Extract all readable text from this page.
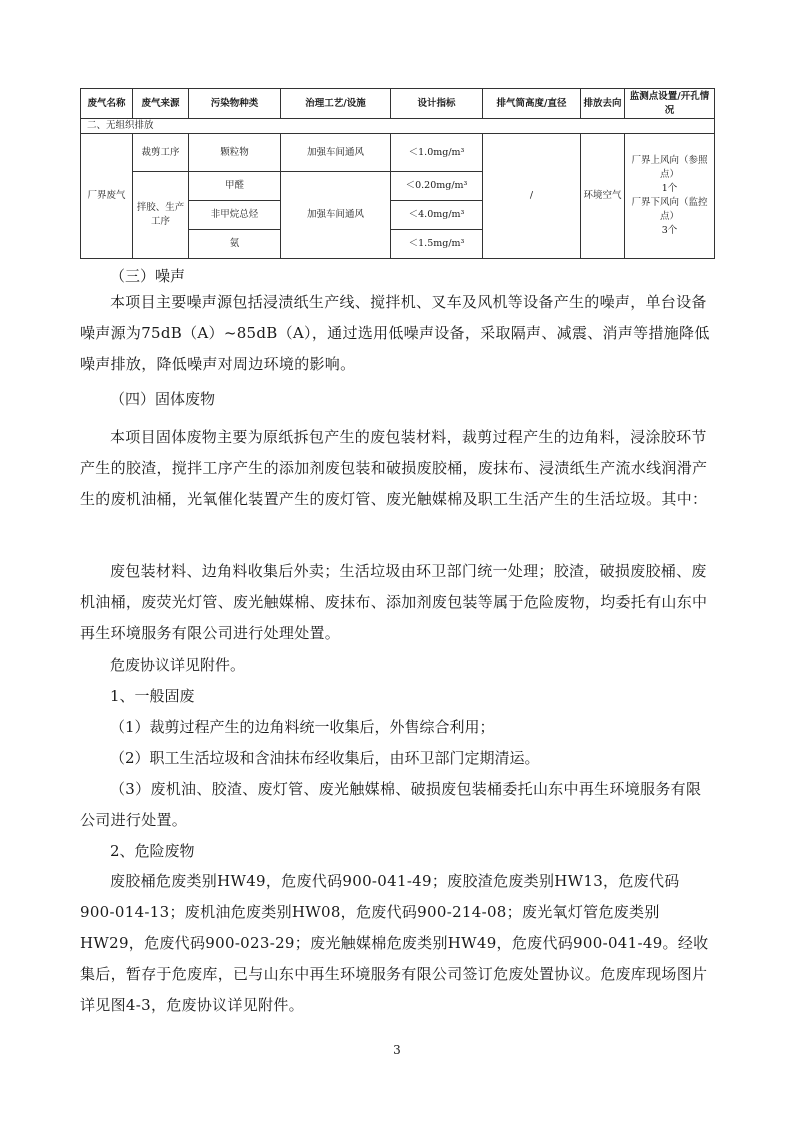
废气名称	废气来源	污染物种类	治理工艺/设施	设计指标	排气筒高度/直径	排放去向	监测点设置/开孔情况
二、无组织排放							
厂界废气	裁剪工序	颗粒物	加强车间通风	＜1.0mg/m³	/	环境空气	厂界上风向（参照点）
1个
厂界下风向（监控点）
3个

	拌胶、生产工序	甲醛	加强车间通风	＜0.20mg/m³			
		非甲烷总烃		＜4.0mg/m³			
		氨		＜1.5mg/m³			

（三）噪声

本项目主要噪声源包括浸渍纸生产线、搅拌机、叉车及风机等设备产生的噪声，单台设备噪声源为75dB（A）~85dB（A），通过选用低噪声设备，采取隔声、减震、消声等措施降低噪声排放，降低噪声对周边环境的影响。

（四）固体废物

本项目固体废物主要为原纸拆包产生的废包装材料，裁剪过程产生的边角料，浸涂胶环节产生的胶渣，搅拌工序产生的添加剂废包装和破损废胶桶，废抹布、浸渍纸生产流水线润滑产生的废机油桶，光氧催化装置产生的废灯管、废光触媒棉及职工生活产生的生活垃圾。其中：

废包装材料、边角料收集后外卖；生活垃圾由环卫部门统一处理；胶渣，破损废胶桶、废机油桶，废荧光灯管、废光触媒棉、废抹布、添加剂废包装等属于危险废物，均委托有山东中再生环境服务有限公司进行处理处置。

危废协议详见附件。

1、一般固废

（1）裁剪过程产生的边角料统一收集后，外售综合利用；

（2）职工生活垃圾和含油抹布经收集后，由环卫部门定期清运。

（3）废机油、胶渣、废灯管、废光触媒棉、破损废包装桶委托山东中再生环境服务有限公司进行处置。

2、危险废物

废胶桶危废类别HW49，危废代码900-041-49；废胶渣危废类别HW13，危废代码900-014-13；废机油危废类别HW08，危废代码900-214-08；废光氧灯管危废类别HW29，危废代码900-023-29；废光触媒棉危废类别HW49，危废代码900-041-49。经收集后，暂存于危废库，已与山东中再生环境服务有限公司签订危废处置协议。危废库现场图片详见图4-3，危废协议详见附件。

3
